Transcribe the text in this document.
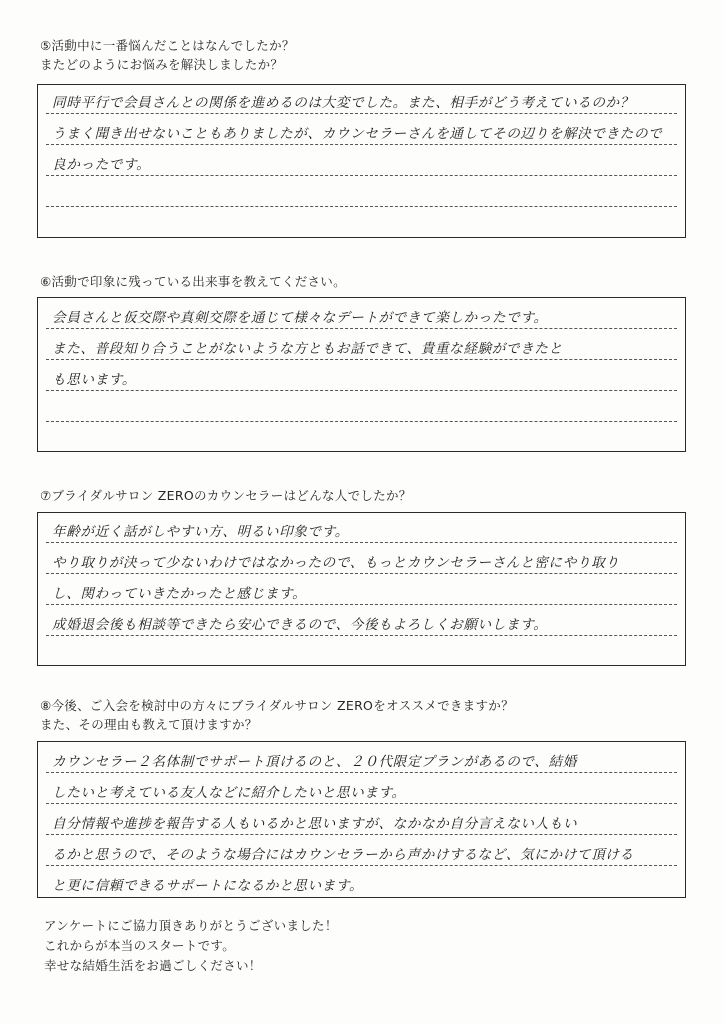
⑤活動中に一番悩んだことはなんでしたか？
またどのようにお悩みを解決しましたか？
同時平行で会員さんとの関係を進めるのは大変でした。また、相手がどう考えているのか？
うまく聞き出せないこともありましたが、カウンセラーさんを通してその辺りを解決できたので
良かったです。
⑥活動で印象に残っている出来事を教えてください。
会員さんと仮交際や真剣交際を通じて様々なデートができて楽しかったです。
また、普段知り合うことがないような方ともお話できて、貴重な経験ができたと
も思います。
⑦ブライダルサロン ZEROのカウンセラーはどんな人でしたか？
年齢が近く話がしやすい方、明るい印象です。
やり取りが決って少ないわけではなかったので、もっとカウンセラーさんと密にやり取り
し、関わっていきたかったと感じます。
成婚退会後も相談等できたら安心できるので、今後もよろしくお願いします。
⑧今後、ご入会を検討中の方々にブライダルサロン ZEROをオススメできますか？
また、その理由も教えて頂けますか？
カウンセラー２名体制でサポート頂けるのと、２０代限定プランがあるので、結婚
したいと考えている友人などに紹介したいと思います。
自分情報や進捗を報告する人もいるかと思いますが、なかなか自分言えない人もい
るかと思うので、そのような場合にはカウンセラーから声かけするなど、気にかけて頂ける
と更に信頼できるサポートになるかと思います。
アンケートにご協力頂きありがとうございました！
これからが本当のスタートです。
幸せな結婚生活をお過ごしください！
